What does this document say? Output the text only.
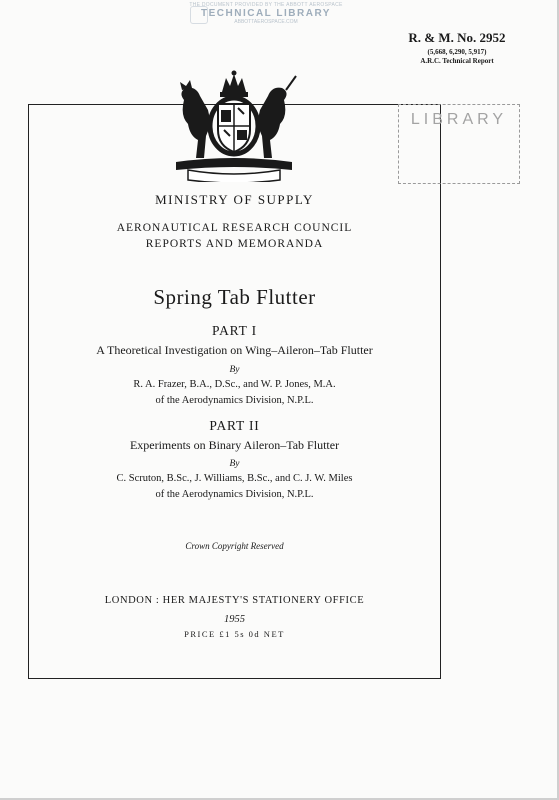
THE DOCUMENT PROVIDED BY THE ABBOTT AEROSPACE
TECHNICAL LIBRARY
ABBOTTAEROSPACE.COM
R. & M. No. 2952
(5,668, 6,290, 5,917)
A.R.C. Technical Report
LIBRARY
MINISTRY OF SUPPLY
AERONAUTICAL RESEARCH COUNCIL
REPORTS AND MEMORANDA
Spring Tab Flutter
PART I
A Theoretical Investigation on Wing–Aileron–Tab Flutter
By
R. A. Frazer, B.A., D.Sc., and W. P. Jones, M.A.
of the Aerodynamics Division, N.P.L.
PART II
Experiments on Binary Aileron–Tab Flutter
By
C. Scruton, B.Sc., J. Williams, B.Sc., and C. J. W. Miles
of the Aerodynamics Division, N.P.L.
Crown Copyright Reserved
LONDON : HER MAJESTY'S STATIONERY OFFICE
1955
PRICE £1 5s 0d NET
